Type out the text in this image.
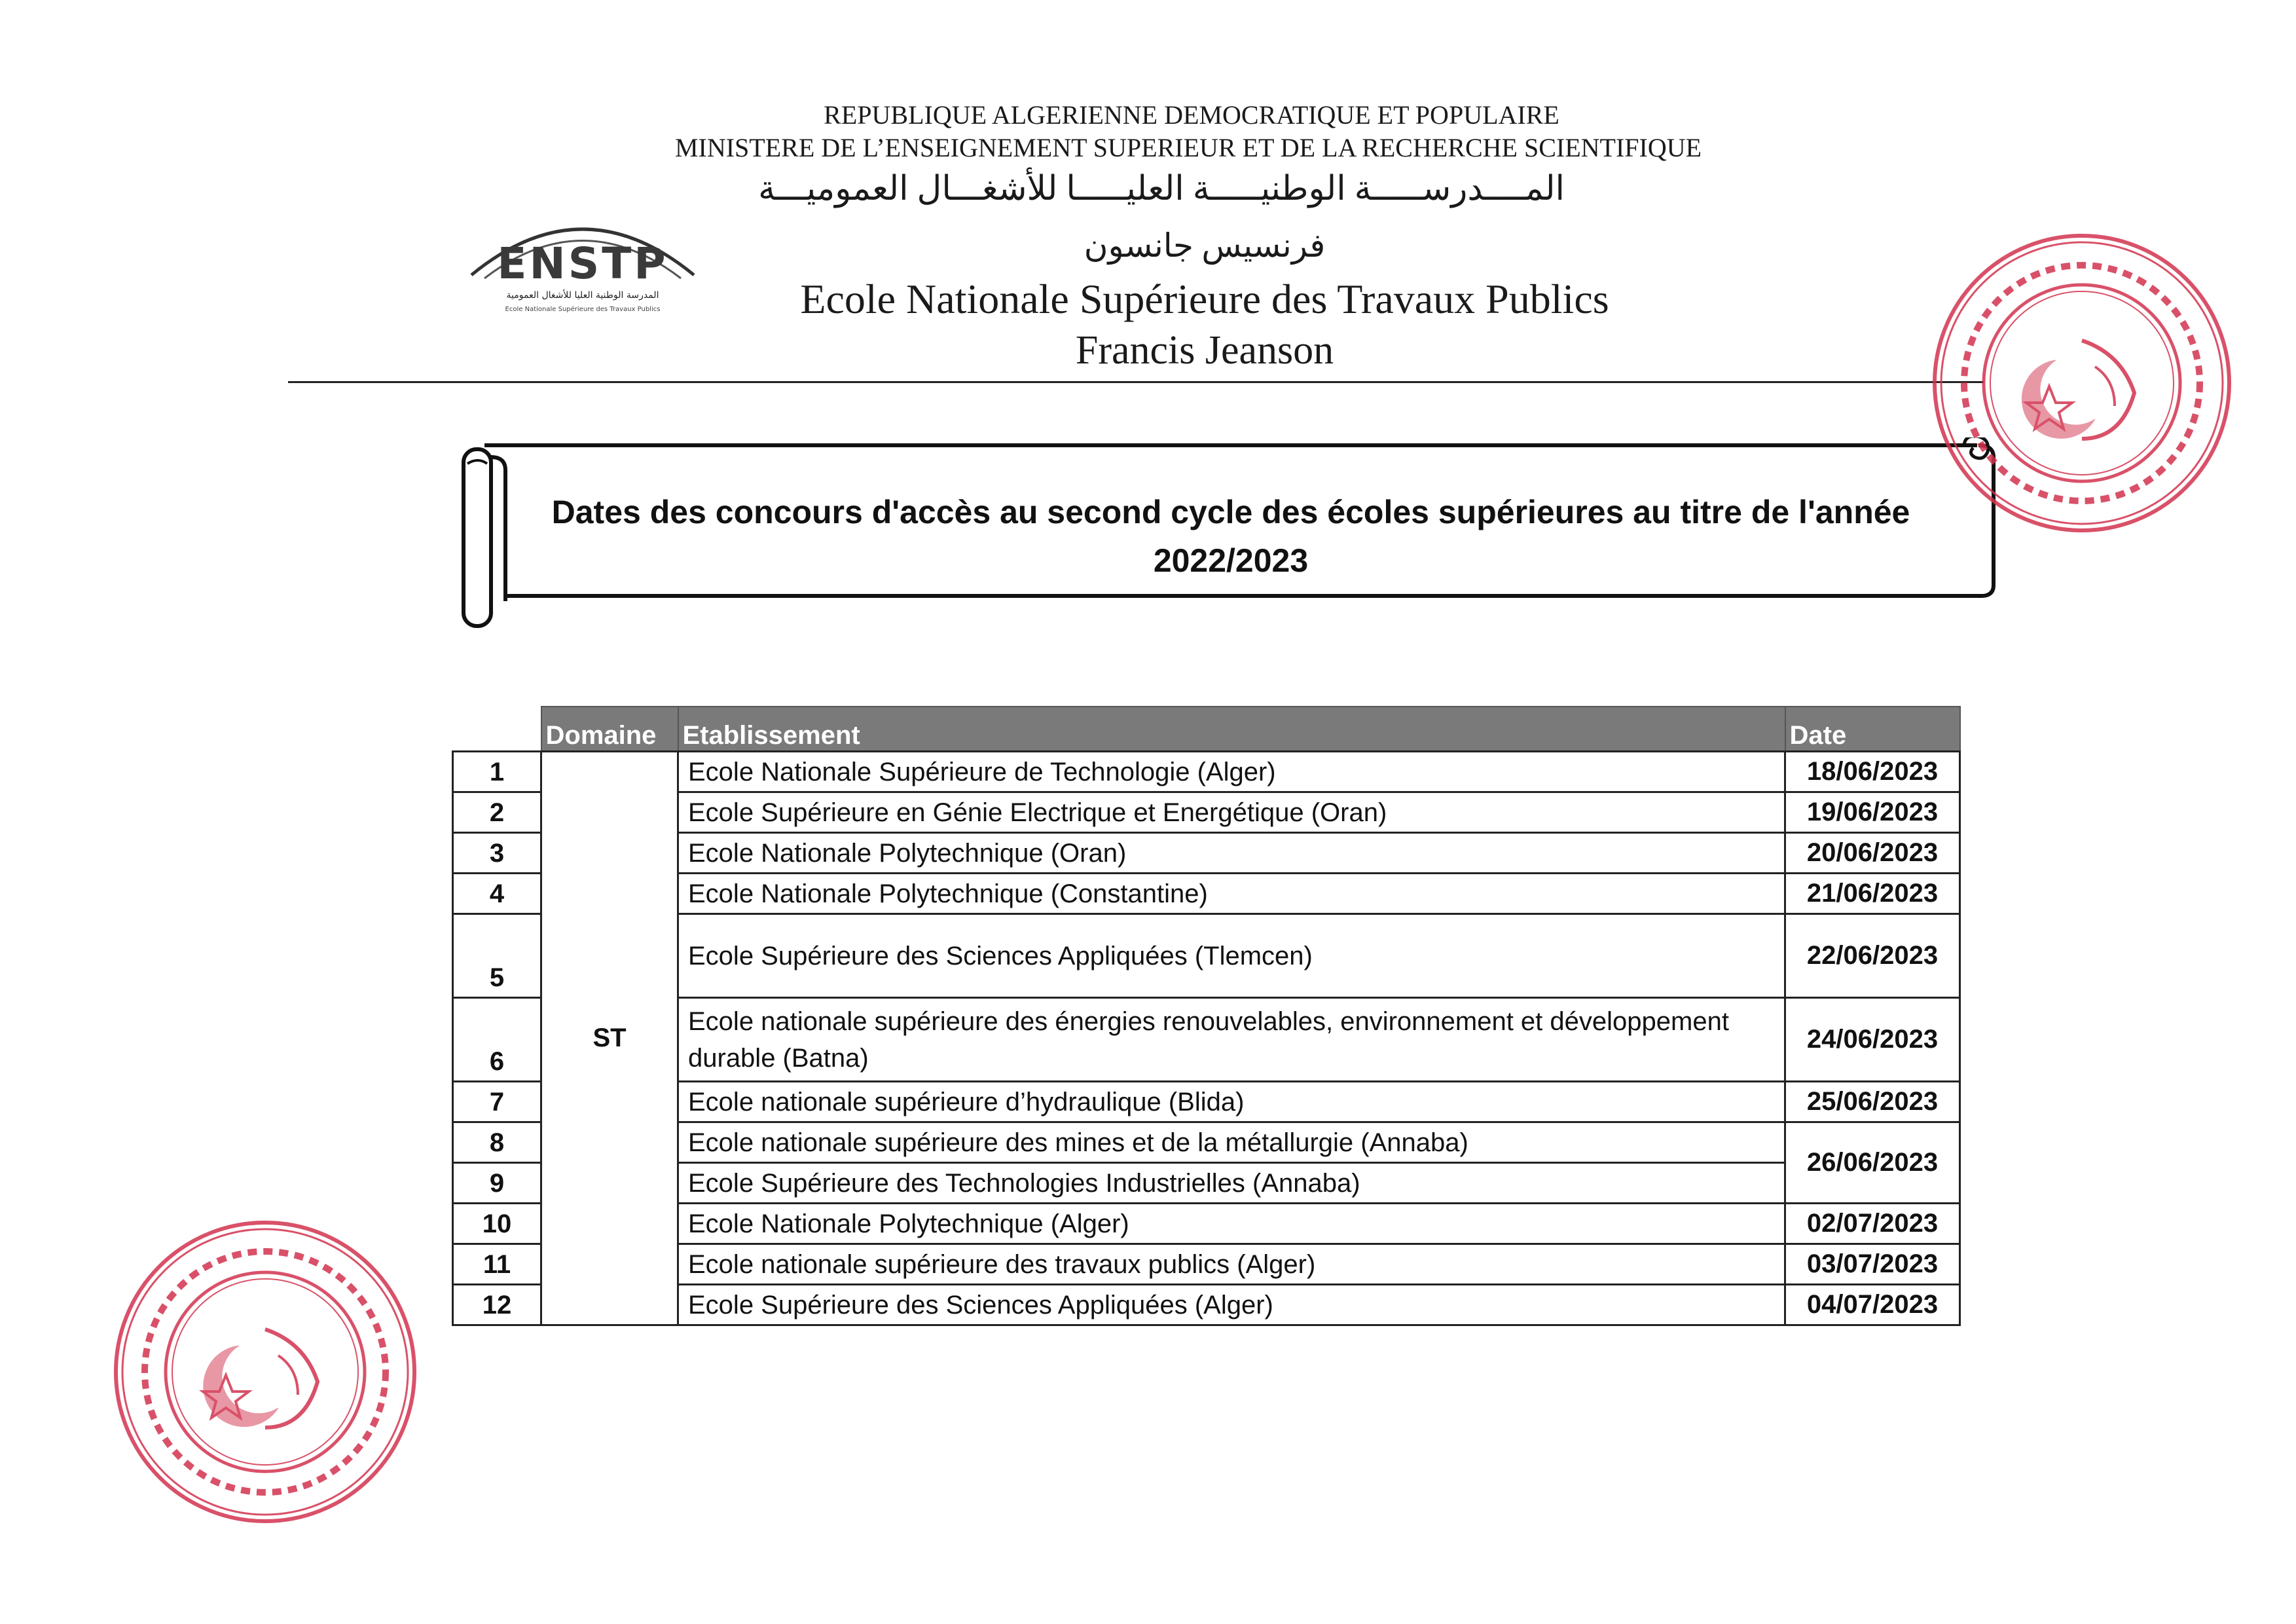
REPUBLIQUE ALGERIENNE DEMOCRATIQUE ET POPULAIRE
MINISTERE DE L’ENSEIGNEMENT SUPERIEUR ET DE LA RECHERCHE SCIENTIFIQUE
المــــدرســـــة الوطنيـــــة العليـــــا للأشغـــال العموميـــة
فرنسيس جانسون
Ecole Nationale Supérieure des Travaux Publics
Francis Jeanson
ENSTP
المدرسة الوطنية العليا للأشغال العمومية
Ecole Nationale Supérieure des Travaux Publics
Dates des concours d'accès au second cycle des écoles supérieures au titre de l'année
2022/2023
	Domaine	Etablissement	Date
1	ST	Ecole Nationale Supérieure de Technologie (Alger)	18/06/2023
2		Ecole Supérieure en Génie Electrique et Energétique (Oran)	19/06/2023
3		Ecole Nationale Polytechnique (Oran)	20/06/2023
4		Ecole Nationale Polytechnique (Constantine)	21/06/2023
5		Ecole Supérieure des Sciences Appliquées (Tlemcen)	22/06/2023
6		Ecole nationale supérieure des énergies renouvelables, environnement et développement durable (Batna)	24/06/2023
7		Ecole nationale supérieure d’hydraulique (Blida)	25/06/2023
8		Ecole nationale supérieure des mines et de la métallurgie (Annaba)	26/06/2023
9		Ecole Supérieure des Technologies Industrielles (Annaba)	
10		Ecole Nationale Polytechnique (Alger)	02/07/2023
11		Ecole nationale supérieure des travaux publics (Alger)	03/07/2023
12		Ecole Supérieure des Sciences Appliquées (Alger)	04/07/2023
